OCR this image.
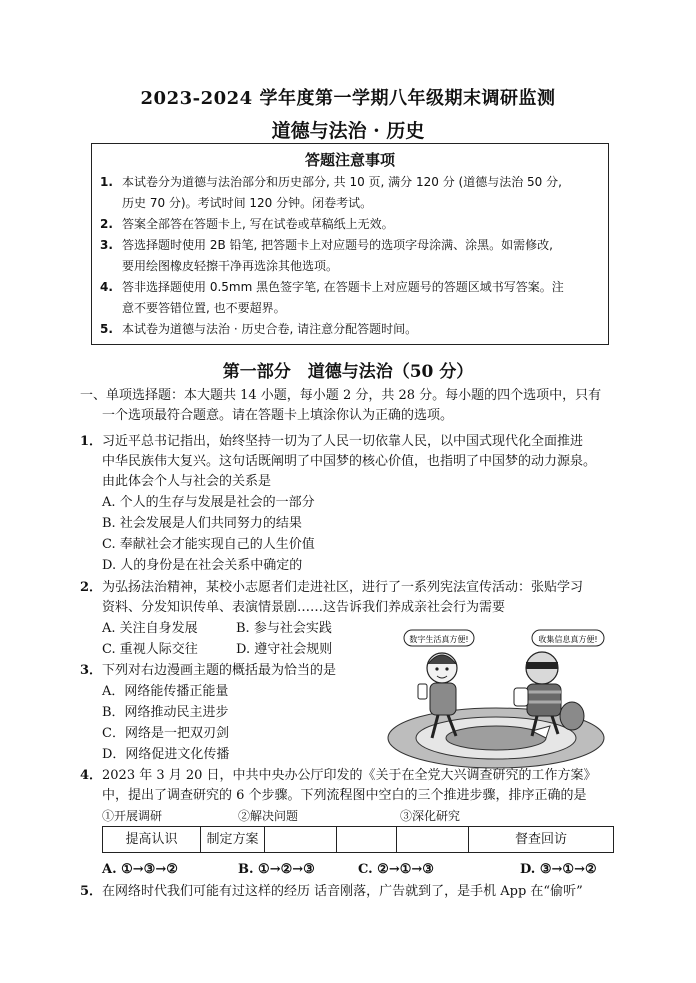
2023-2024 学年度第一学期八年级期末调研监测
道德与法治 · 历史
答题注意事项
1. 本试卷分为道德与法治部分和历史部分, 共 10 页, 满分 120 分 (道德与法治 50 分,
历史 70 分)。考试时间 120 分钟。闭卷考试。
2. 答案全部答在答题卡上, 写在试卷或草稿纸上无效。
3. 答选择题时使用 2B 铅笔, 把答题卡上对应题号的选项字母涂满、涂黑。如需修改,
要用绘图橡皮轻擦干净再选涂其他选项。
4. 答非选择题使用 0.5mm 黑色签字笔, 在答题卡上对应题号的答题区域书写答案。注
意不要答错位置, 也不要超界。
5. 本试卷为道德与法治 · 历史合卷, 请注意分配答题时间。
第一部分　道德与法治（50 分）
一、单项选择题：本大题共 14 小题，每小题 2 分，共 28 分。每小题的四个选项中，只有
一个选项最符合题意。请在答题卡上填涂你认为正确的选项。
1． 习近平总书记指出，始终坚持一切为了人民一切依靠人民，以中国式现代化全面推进
中华民族伟大复兴。这句话既阐明了中国梦的核心价值，也指明了中国梦的动力源泉。
由此体会个人与社会的关系是
A. 个人的生存与发展是社会的一部分
B. 社会发展是人们共同努力的结果
C. 奉献社会才能实现自己的人生价值
D. 人的身份是在社会关系中确定的
2． 为弘扬法治精神，某校小志愿者们走进社区，进行了一系列宪法宣传活动：张贴学习
资料、分发知识传单、表演情景剧……这告诉我们养成亲社会行为需要
A. 关注自身发展	B. 参与社会实践
C. 重视人际交往	D. 遵守社会规则
3． 下列对右边漫画主题的概括最为恰当的是
A．网络能传播正能量
B．网络推动民主进步
C．网络是一把双刃剑
D．网络促进文化传播
数字生活真方便!	收集信息真方便!
4． 2023 年 3 月 20 日，中共中央办公厅印发的《关于在全党大兴调查研究的工作方案》
中，提出了调查研究的 6 个步骤。下列流程图中空白的三个推进步骤，排序正确的是
①开展调研	②解决问题	③深化研究
提高认识	制定方案	督查回访
A. ①→③→②	B. ①→②→③	C. ②→①→③	D. ③→①→②
5． 在网络时代我们可能有过这样的经历 话音刚落，广告就到了，是手机 App 在“偷听”
